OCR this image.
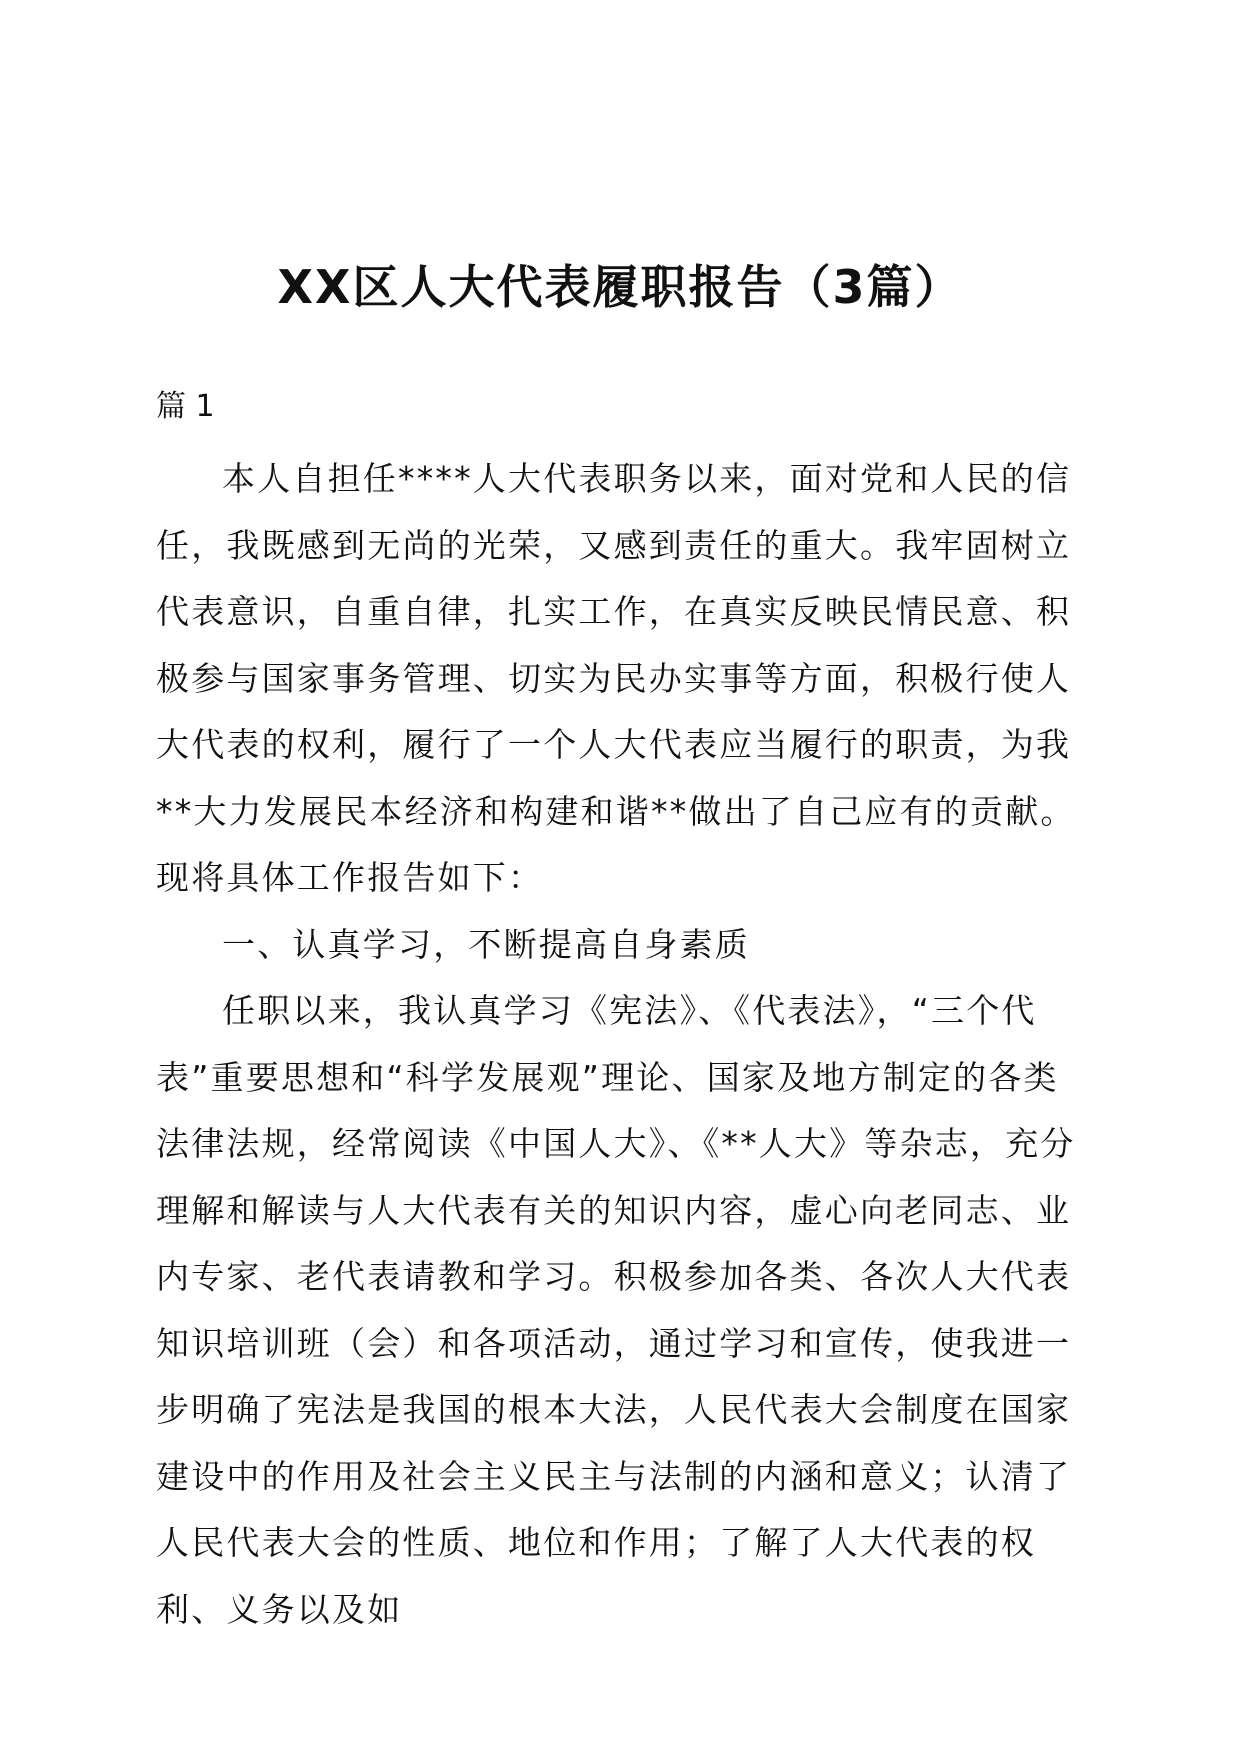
XX区人大代表履职报告（3篇）
篇 1

本人自担任****人大代表职务以来，面对党和人民的信任，我既感到无尚的光荣，又感到责任的重大。我牢固树立代表意识，自重自律，扎实工作，在真实反映民情民意、积极参与国家事务管理、切实为民办实事等方面，积极行使人大代表的权利，履行了一个人大代表应当履行的职责，为我**大力发展民本经济和构建和谐**做出了自己应有的贡献。现将具体工作报告如下：

一、认真学习，不断提高自身素质

任职以来，我认真学习《宪法》、《代表法》，“三个代表”重要思想和“科学发展观”理论、国家及地方制定的各类法律法规，经常阅读《中国人大》、《**人大》等杂志，充分理解和解读与人大代表有关的知识内容，虚心向老同志、业内专家、老代表请教和学习。积极参加各类、各次人大代表知识培训班（会）和各项活动，通过学习和宣传，使我进一步明确了宪法是我国的根本大法，人民代表大会制度在国家建设中的作用及社会主义民主与法制的内涵和意义；认清了人民代表大会的性质、地位和作用；了解了人大代表的权利、义务以及如
